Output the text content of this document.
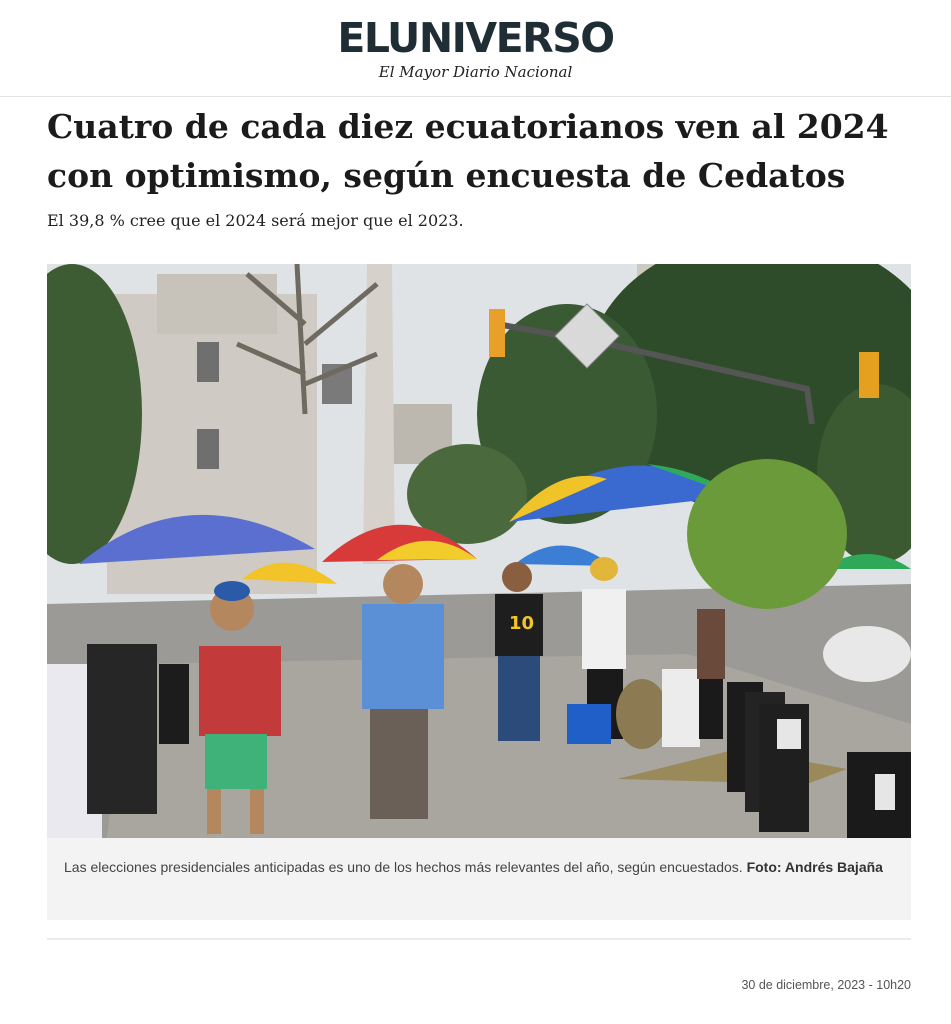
ELUNIVERSO
El Mayor Diario Nacional
Cuatro de cada diez ecuatorianos ven al 2024 con optimismo, según encuesta de Cedatos

El 39,8 % cree que el 2024 será mejor que el 2023.

10
Las elecciones presidenciales anticipadas es uno de los hechos más relevantes del año, según encuestados. Foto: Andrés Bajaña
30 de diciembre, 2023 - 10h20
